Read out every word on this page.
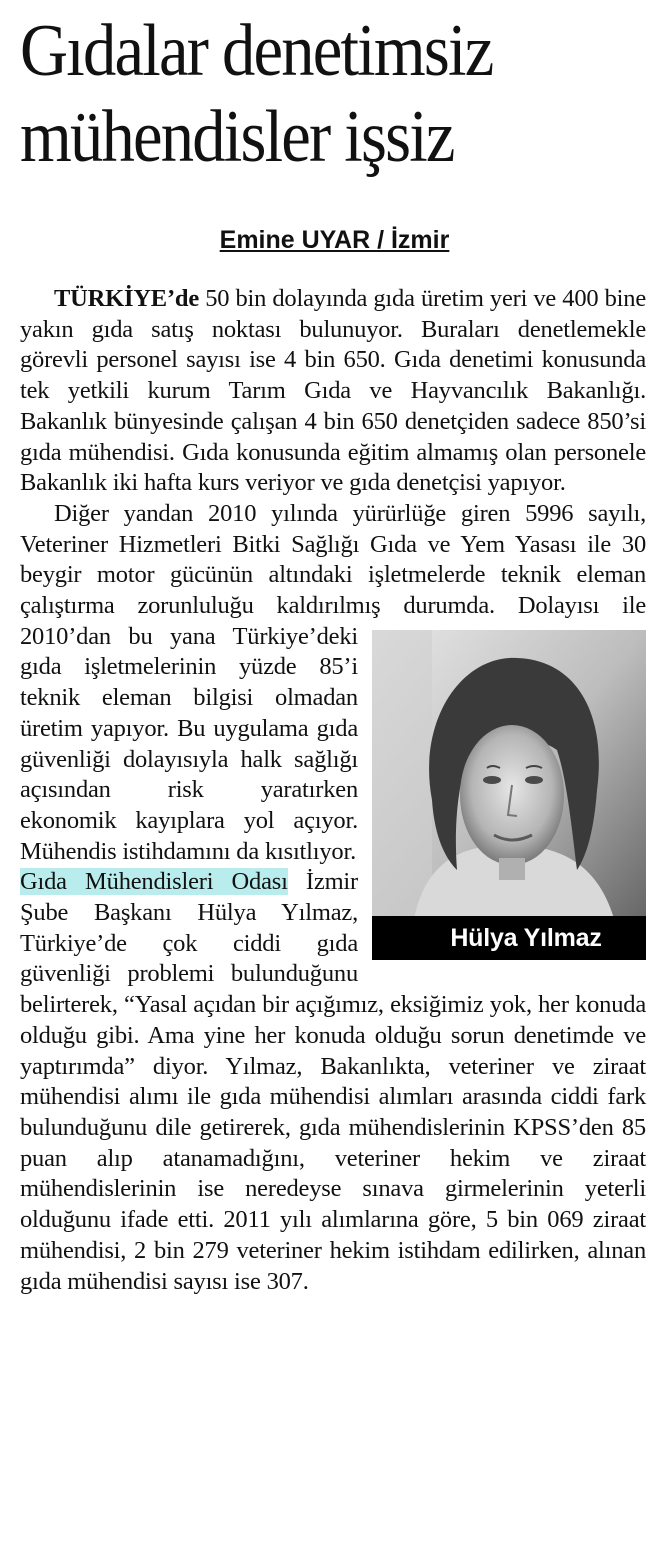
Gıdalar denetimsiz
mühendisler işsiz
Emine UYAR / İzmir

TÜRKİYE’de 50 bin dolayında gıda üretim yeri ve 400 bine yakın gıda satış noktası bulunuyor. Buraları denetlemekle görevli personel sayısı ise 4 bin 650. Gıda denetimi konusunda tek yetkili kurum Tarım Gıda ve Hayvancılık Bakanlığı. Bakanlık bünyesinde çalışan 4 bin 650 denetçiden sadece 850’si gıda mühendisi. Gıda konusunda eğitim almamış olan personele Bakanlık iki hafta kurs veriyor ve gıda denetçisi yapıyor.

Hülya Yılmaz
Diğer yandan 2010 yılında yürürlüğe giren 5996 sayılı, Veteriner Hizmetleri Bitki Sağlığı Gıda ve Yem Yasası ile 30 beygir motor gücünün altındaki işletmelerde teknik eleman çalıştırma zorunluluğu kaldırılmış durumda. Dolayısı ile 2010’dan bu yana Türkiye’deki gıda işletmelerinin yüzde 85’i teknik eleman bilgisi olmadan üretim yapıyor. Bu uygulama gıda güvenliği dolayısıyla halk sağlığı açısından risk yaratırken ekonomik kayıplara yol açıyor. Mühendis istihdamını da kısıtlıyor.

Gıda Mühendisleri Odası İzmir Şube Başkanı Hülya Yılmaz, Türkiye’de çok ciddi gıda güvenliği problemi bulunduğunu belirterek, “Yasal açıdan bir açığımız, eksiğimiz yok, her konuda olduğu gibi. Ama yine her konuda olduğu sorun denetimde ve yaptırımda” diyor. Yılmaz, Bakanlıkta, veteriner ve ziraat mühendisi alımı ile gıda mühendisi alımları arasında ciddi fark bulunduğunu dile getirerek, gıda mühendislerinin KPSS’den 85 puan alıp atanamadığını, veteriner hekim ve ziraat mühendislerinin ise neredeyse sınava girmelerinin yeterli olduğunu ifade etti. 2011 yılı alımlarına göre, 5 bin 069 ziraat mühendisi, 2 bin 279 veteriner hekim istihdam edilirken, alınan gıda mühendisi sayısı ise 307.
